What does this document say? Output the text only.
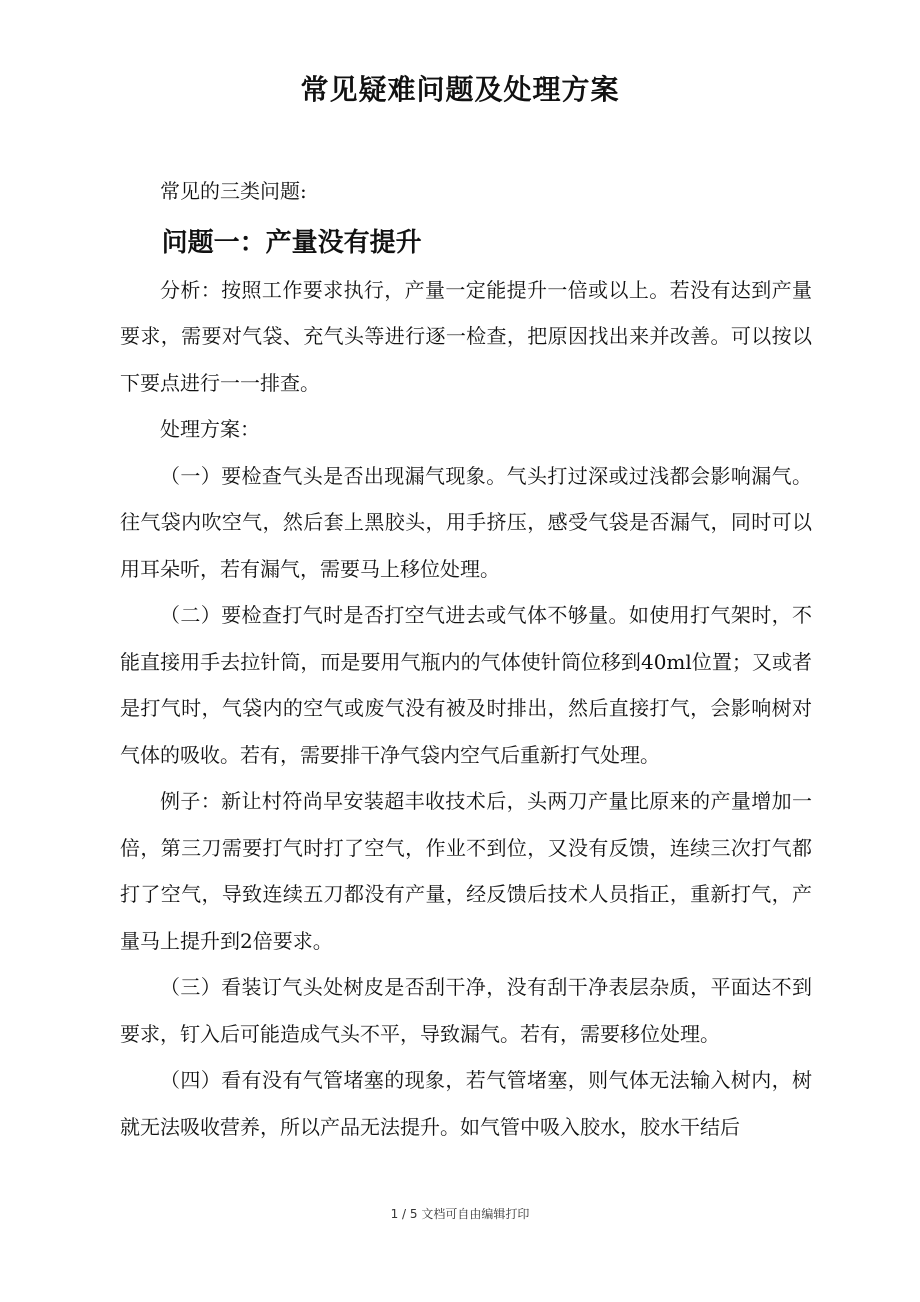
常见疑难问题及处理方案

常见的三类问题:

问题一：产量没有提升

分析：按照工作要求执行，产量一定能提升一倍或以上。若没有达到产量要求，需要对气袋、充气头等进行逐一检查，把原因找出来并改善。可以按以下要点进行一一排查。

处理方案：

（一）要检查气头是否出现漏气现象。气头打过深或过浅都会影响漏气。往气袋内吹空气，然后套上黑胶头，用手挤压，感受气袋是否漏气，同时可以用耳朵听，若有漏气，需要马上移位处理。

（二）要检查打气时是否打空气进去或气体不够量。如使用打气架时，不能直接用手去拉针筒，而是要用气瓶内的气体使针筒位移到40ml位置；又或者是打气时，气袋内的空气或废气没有被及时排出，然后直接打气，会影响树对气体的吸收。若有，需要排干净气袋内空气后重新打气处理。

例子：新让村符尚早安装超丰收技术后，头两刀产量比原来的产量增加一倍，第三刀需要打气时打了空气，作业不到位，又没有反馈，连续三次打气都打了空气，导致连续五刀都没有产量，经反馈后技术人员指正，重新打气，产量马上提升到2倍要求。

（三）看装订气头处树皮是否刮干净，没有刮干净表层杂质，平面达不到要求，钉入后可能造成气头不平，导致漏气。若有，需要移位处理。

（四）看有没有气管堵塞的现象，若气管堵塞，则气体无法输入树内，树就无法吸收营养，所以产品无法提升。如气管中吸入胶水，胶水干结后

1 / 5 文档可自由编辑打印
